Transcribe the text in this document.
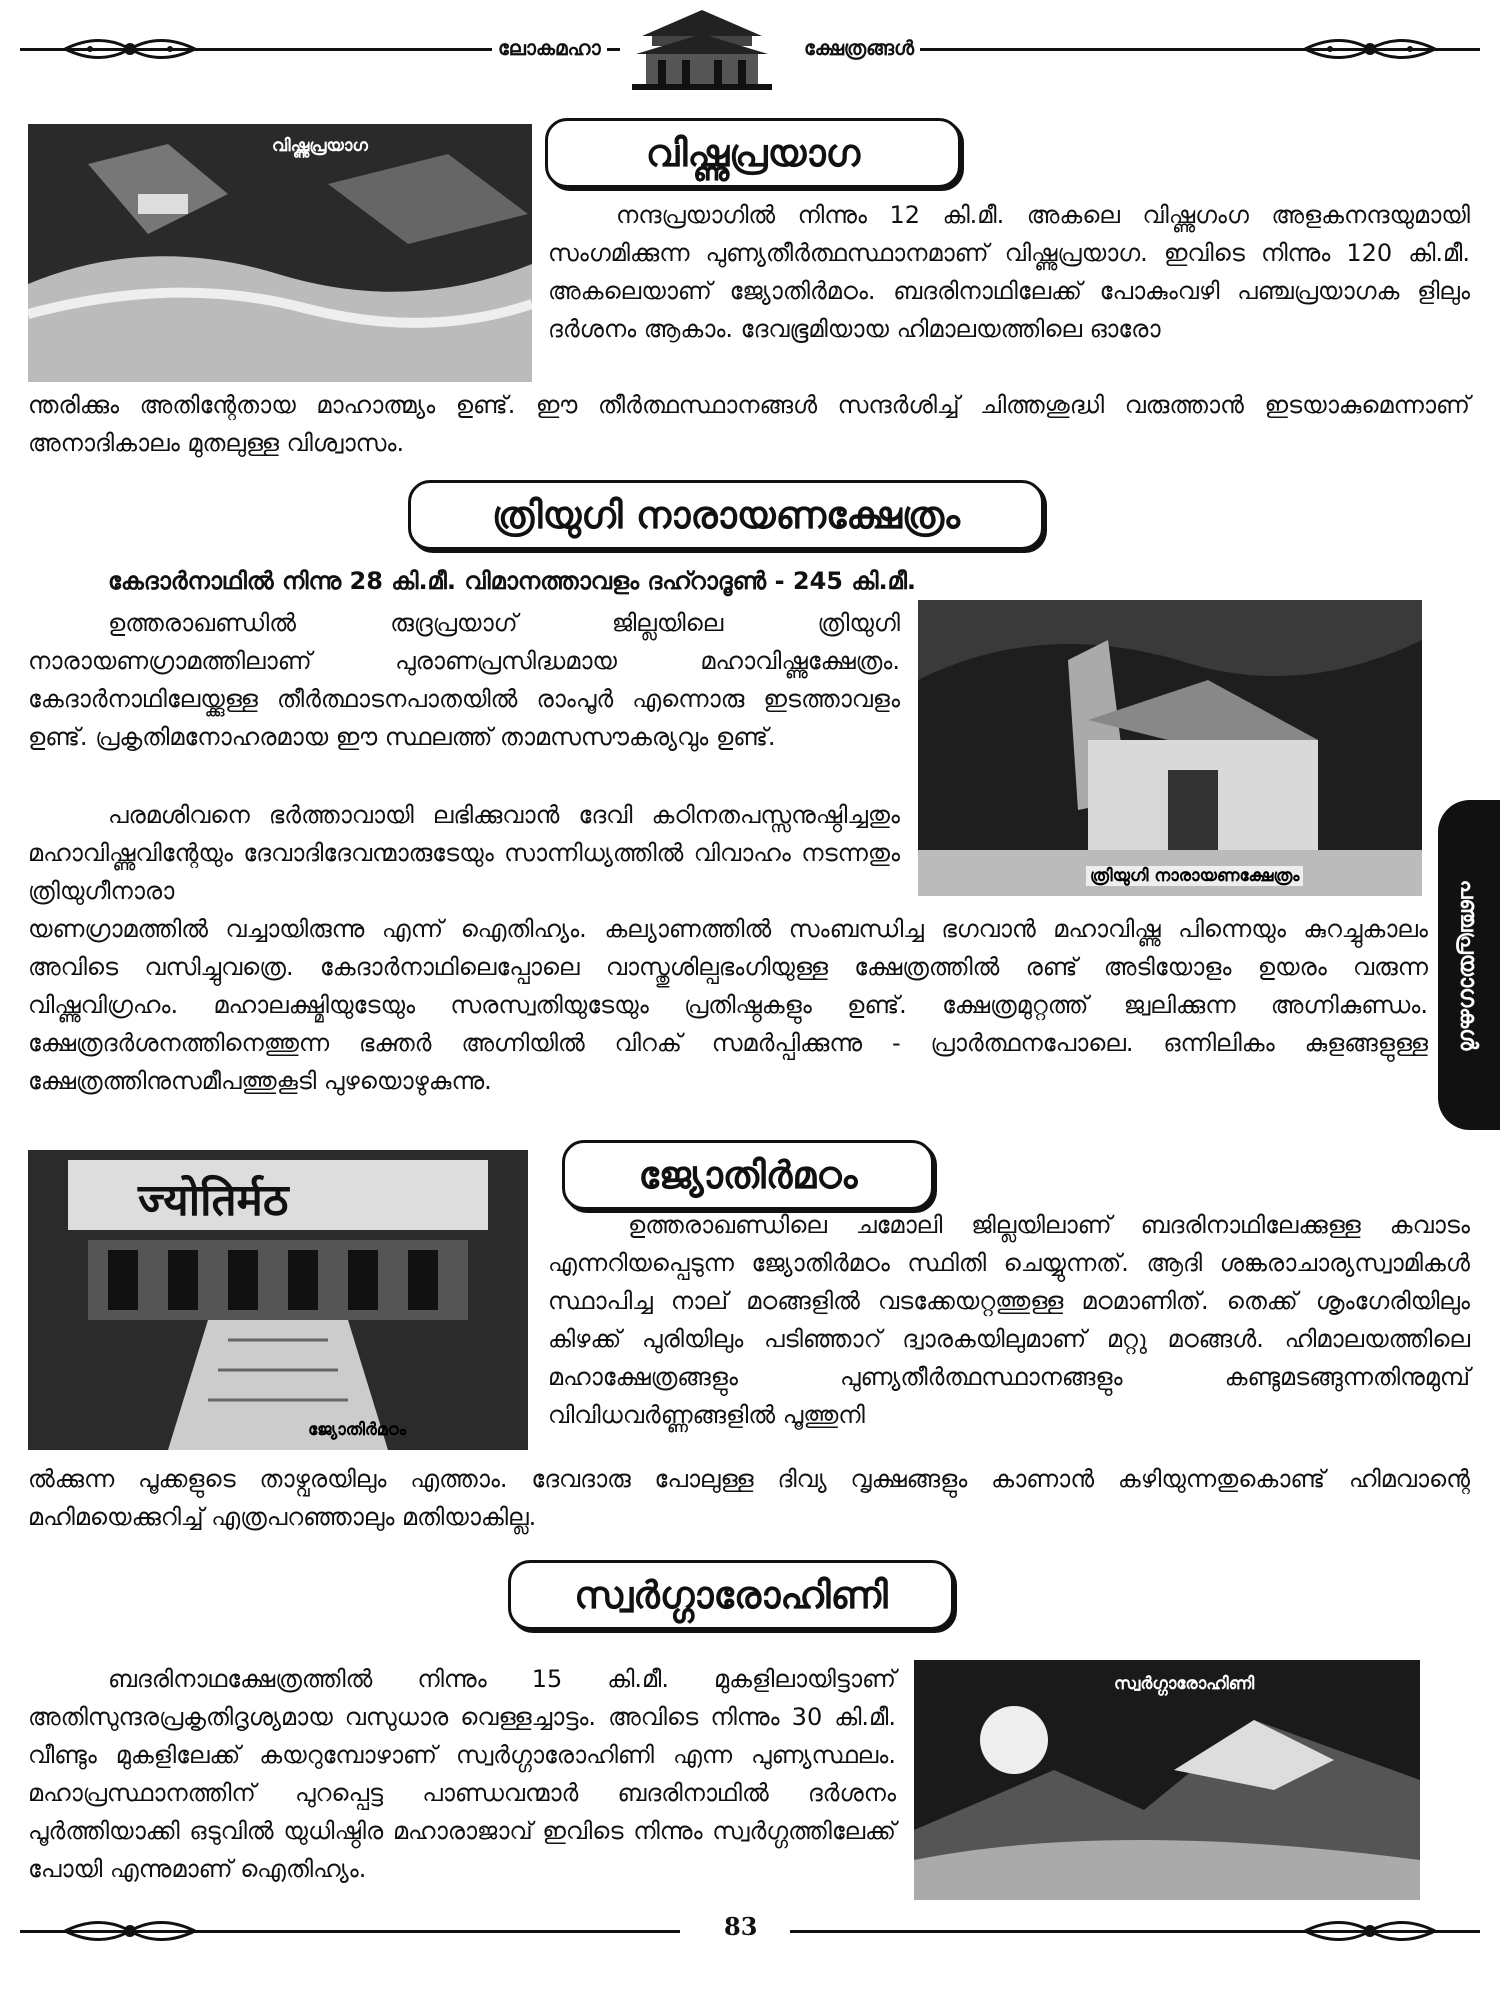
ലോകമഹാ	ക്ഷേത്രങ്ങൾ
വിഷ്ണുപ്രയാഗ	വിഷ്ണുപ്രയാഗ

നന്ദപ്രയാഗിൽ നിന്നും 12 കി.മീ. അകലെ വിഷ്ണുഗംഗ അളകനന്ദയുമായി സംഗമിക്കുന്ന പുണ്യതീർത്ഥസ്ഥാനമാണ് വിഷ്ണുപ്രയാഗ. ഇവിടെ നിന്നും 120 കി.മീ. അകലെയാണ് ജ്യോതിർമഠം. ബദരിനാഥിലേക്ക് പോകുംവഴി പഞ്ചപ്രയാഗക ളിലും ദർശനം ആകാം. ദേവഭൂമിയായ ഹിമാലയത്തിലെ ഓരോ

ന്തരിക്കും അതിന്റേതായ മാഹാത്മ്യം ഉണ്ട്. ഈ തീർത്ഥസ്ഥാനങ്ങൾ സന്ദർശിച്ച് ചിത്തശുദ്ധി വരുത്താൻ ഇടയാകുമെന്നാണ് അനാദികാലം മുതലുള്ള വിശ്വാസം.

ത്രിയുഗി നാരായണക്ഷേത്രം
കേദാർനാഥിൽ നിന്നു 28 കി.മീ. വിമാനത്താവളം ദഹ്റാദൂൺ - 245 കി.മീ.
ത്രിയുഗി നാരായണക്ഷേത്രം

ഉത്തരാഖണ്ഡിൽ രുദ്രപ്രയാഗ് ജില്ലയിലെ ത്രിയുഗി നാരായണഗ്രാമത്തിലാണ് പുരാണപ്രസിദ്ധമായ മഹാവിഷ്ണുക്ഷേത്രം. കേദാർനാഥിലേയ്ക്കുള്ള തീർത്ഥാടനപാതയിൽ രാംപൂർ എന്നൊരു ഇടത്താവളം ഉണ്ട്. പ്രകൃതിമനോഹരമായ ഈ സ്ഥലത്ത് താമസസൗകര്യവും ഉണ്ട്.

പരമശിവനെ ഭർത്താവായി ലഭിക്കുവാൻ ദേവി കഠിനതപസ്സനുഷ്ഠിച്ചതും മഹാവിഷ്ണുവിന്റേയും ദേവാദിദേവന്മാരുടേയും സാന്നിധ്യത്തിൽ വിവാഹം നടന്നതും ത്രിയുഗീനാരാ

യണഗ്രാമത്തിൽ വച്ചായിരുന്നു എന്ന് ഐതിഹ്യം. കല്യാണത്തിൽ സംബന്ധിച്ച ഭഗവാൻ മഹാവിഷ്ണു പിന്നെയും കുറച്ചുകാലം അവിടെ വസിച്ചുവത്രെ. കേദാർനാഥിലെപ്പോലെ വാസ്തുശില്പഭംഗിയുള്ള ക്ഷേത്രത്തിൽ രണ്ട് അടിയോളം ഉയരം വരുന്ന വിഷ്ണുവിഗ്രഹം. മഹാലക്ഷ്മിയുടേയും സരസ്വതിയുടേയും പ്രതിഷ്ഠകളും ഉണ്ട്. ക്ഷേത്രമുറ്റത്ത് ജ്വലിക്കുന്ന അഗ്നികുണ്ഡം. ക്ഷേത്രദർശനത്തിനെത്തുന്ന ഭക്തർ അഗ്നിയിൽ വിറക് സമർപ്പിക്കുന്നു - പ്രാർത്ഥനപോലെ. ഒന്നിലികം കുളങ്ങളുള്ള ക്ഷേത്രത്തിനുസമീപത്തുകൂടി പുഴയൊഴുകുന്നു.

പഞ്ചപ്രയാഗകൾ
ज्योतिर्मठ
ജ്യോതിർമഠം
ജ്യോതിർമഠം

ഉത്തരാഖണ്ഡിലെ ചമോലി ജില്ലയിലാണ് ബദരിനാഥിലേക്കുള്ള കവാടം എന്നറിയപ്പെടുന്ന ജ്യോതിർമഠം സ്ഥിതി ചെയ്യുന്നത്. ആദി ശങ്കരാചാര്യസ്വാമികൾ സ്ഥാപിച്ച നാല് മഠങ്ങളിൽ വടക്കേയറ്റത്തുള്ള മഠമാണിത്. തെക്ക് ശൃംഗേരിയിലും കിഴക്ക് പുരിയിലും പടിഞ്ഞാറ് ദ്വാരകയിലുമാണ് മറ്റു മഠങ്ങൾ. ഹിമാലയത്തിലെ മഹാക്ഷേത്രങ്ങളും പുണ്യതീർത്ഥസ്ഥാനങ്ങളും കണ്ടുമടങ്ങുന്നതിനുമുമ്പ് വിവിധവർണ്ണങ്ങളിൽ പൂത്തുനി

ൽക്കുന്ന പൂക്കളുടെ താഴ്വരയിലും എത്താം. ദേവദാരു പോലുള്ള ദിവ്യ വൃക്ഷങ്ങളും കാണാൻ കഴിയുന്നതുകൊണ്ട് ഹിമവാന്റെ മഹിമയെക്കുറിച്ച് എത്രപറഞ്ഞാലും മതിയാകില്ല.

സ്വർഗ്ഗാരോഹിണി
സ്വർഗ്ഗാരോഹിണി

ബദരിനാഥക്ഷേത്രത്തിൽ നിന്നും 15 കി.മീ. മുകളിലായിട്ടാണ് അതിസുന്ദരപ്രകൃതിദൃശ്യമായ വസുധാര വെള്ളച്ചാട്ടം. അവിടെ നിന്നും 30 കി.മീ. വീണ്ടും മുകളിലേക്ക് കയറുമ്പോഴാണ് സ്വർഗ്ഗാരോഹിണി എന്ന പുണ്യസ്ഥലം. മഹാപ്രസ്ഥാനത്തിന് പുറപ്പെട്ട പാണ്ഡവന്മാർ ബദരിനാഥിൽ ദർശനം പൂർത്തിയാക്കി ഒടുവിൽ യുധിഷ്ഠിര മഹാരാജാവ് ഇവിടെ നിന്നും സ്വർഗ്ഗത്തിലേക്ക് പോയി എന്നുമാണ് ഐതിഹ്യം.

83
